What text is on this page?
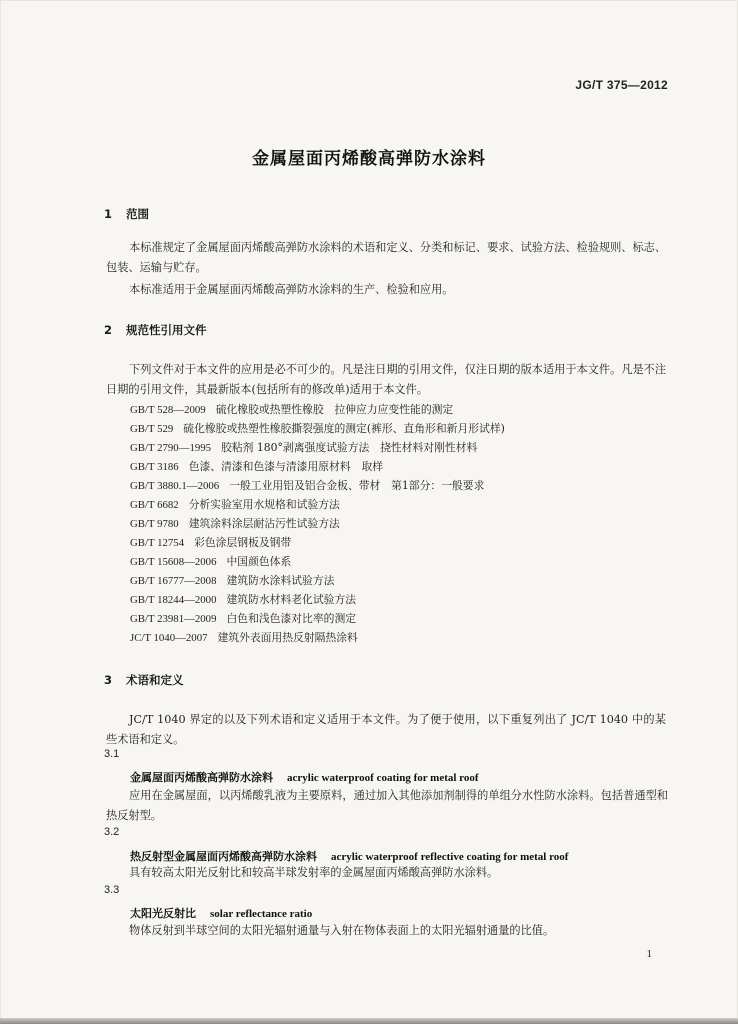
JG/T 375—2012
金属屋面丙烯酸高弹防水涂料
1 范围
本标准规定了金属屋面丙烯酸高弹防水涂料的术语和定义、分类和标记、要求、试验方法、检验规则、标志、包装、运输与贮存。
本标准适用于金属屋面丙烯酸高弹防水涂料的生产、检验和应用。
2 规范性引用文件
下列文件对于本文件的应用是必不可少的。凡是注日期的引用文件，仅注日期的版本适用于本文件。凡是不注日期的引用文件，其最新版本(包括所有的修改单)适用于本文件。
GB/T 528—2009 硫化橡胶或热塑性橡胶　拉伸应力应变性能的测定
GB/T 529 硫化橡胶或热塑性橡胶撕裂强度的测定(裤形、直角形和新月形试样)
GB/T 2790—1995 胶粘剂 180°剥离强度试验方法　挠性材料对刚性材料
GB/T 3186 色漆、清漆和色漆与清漆用原材料　取样
GB/T 3880.1—2006 一般工业用铝及铝合金板、带材　第1部分：一般要求
GB/T 6682 分析实验室用水规格和试验方法
GB/T 9780 建筑涂料涂层耐沾污性试验方法
GB/T 12754 彩色涂层钢板及钢带
GB/T 15608—2006 中国颜色体系
GB/T 16777—2008 建筑防水涂料试验方法
GB/T 18244—2000 建筑防水材料老化试验方法
GB/T 23981—2009 白色和浅色漆对比率的测定
JC/T 1040—2007 建筑外表面用热反射隔热涂料
3 术语和定义
JC/T 1040 界定的以及下列术语和定义适用于本文件。为了便于使用，以下重复列出了 JC/T 1040 中的某些术语和定义。
3.1
金属屋面丙烯酸高弹防水涂料 acrylic waterproof coating for metal roof
应用在金属屋面，以丙烯酸乳液为主要原料，通过加入其他添加剂制得的单组分水性防水涂料。包括普通型和热反射型。
3.2
热反射型金属屋面丙烯酸高弹防水涂料 acrylic waterproof reflective coating for metal roof
具有较高太阳光反射比和较高半球发射率的金属屋面丙烯酸高弹防水涂料。
3.3
太阳光反射比 solar reflectance ratio
物体反射到半球空间的太阳光辐射通量与入射在物体表面上的太阳光辐射通量的比值。
1
